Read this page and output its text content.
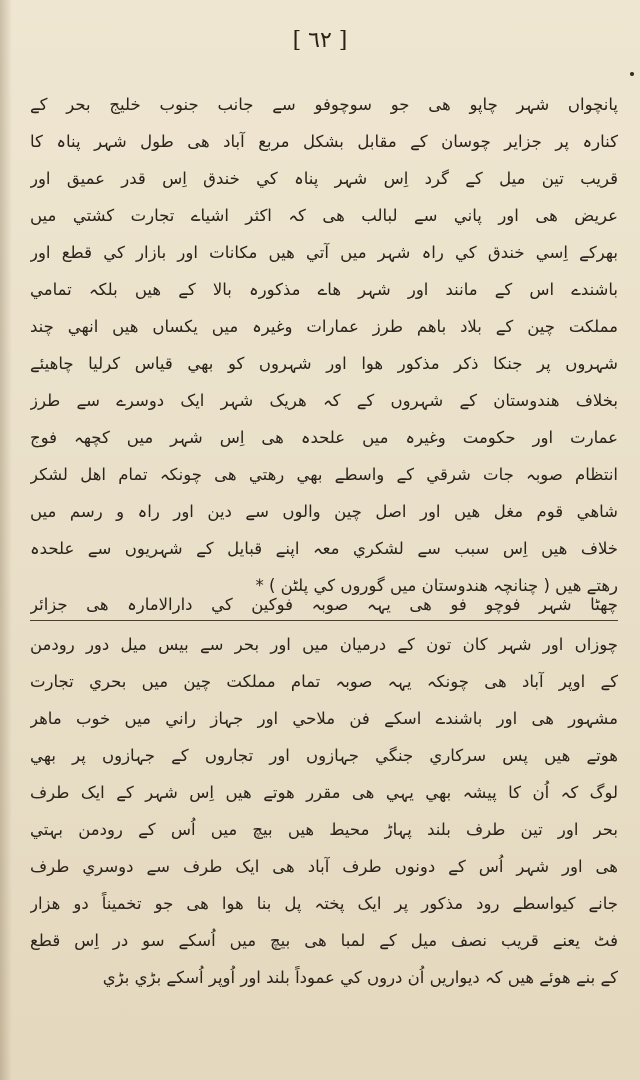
[ ٦٢ ]
پانچواں شہر چاپو ھی جو سوچوفو سے جانب جنوب خلیج بحر کے
کنارہ پر جزایر چوسان کے مقابل بشکل مربع آباد ھی طول شہر پناہ کا
قریب تین میل کے گرد اِس شہر پناہ کي خندق اِس قدر عمیق اور
عریض ھی اور پاني سے لبالب ھی کہ اکثر اشیاے تجارت کشتي میں
بھرکے اِسي خندق کي راہ شہر میں آتي ھیں مکانات اور بازار کي قطع اور
باشندے اس کے مانند اور شہر ھاے مذکورہ بالا کے ھیں بلکہ تمامي
مملکت چین کے بلاد باھم طرز عمارات وغیرہ میں یکساں ھیں انھي چند
شہروں پر جنکا ذکر مذکور ھوا اور شہروں کو بھي قیاس کرلیا چاھیئے
بخلاف ھندوستان کے شہروں کے کہ ھریک شہر ایک دوسرے سے طرز
عمارت اور حکومت وغیرہ میں علحدہ ھی اِس شہر میں کچھہ فوج
انتظام صوبہ جات شرقي کے واسطے بھي رھتي ھی چونکہ تمام اھل لشکر
شاھي قوم مغل ھیں اور اصل چین والوں سے دین اور راہ و رسم میں
خلاف ھیں اِس سبب سے لشکري معہ اپنے قبایل کے شہریوں سے علحدہ
رھتے ھیں ( چنانچہ ھندوستان میں گوروں کي پلٹن ) *
چھٹا شہر فوچو فو ھی یہہ صوبہ فوکین کي دارالامارہ ھی جزائر
چوزاں اور شہر کان تون کے درمیان میں اور بحر سے بیس میل دور رودمن
کے اوپر آباد ھی چونکہ یہہ صوبہ تمام مملکت چین میں بحري تجارت
مشہور ھی اور باشندے اسکے فن ملاحي اور جہاز راني میں خوب ماھر
ھوتے ھیں پس سرکاري جنگي جہازوں اور تجاروں کے جہازوں پر بھي
لوگ کہ اُن کا پیشہ بھي یہي ھی مقرر ھوتے ھیں اِس شہر کے ایک طرف
بحر اور تین طرف بلند پہاڑ محیط ھیں بیچ میں اُس کے رودمن بہتي
ھی اور شہر اُس کے دونوں طرف آباد ھی ایک طرف سے دوسري طرف
جانے کیواسطے رود مذکور پر ایک پختہ پل بنا ھوا ھی جو تخمیناً دو ھزار
فٹ یعنے قریب نصف میل کے لمبا ھی بیچ میں اُسکے سو در اِس قطع
کے بنے ھوئے ھیں کہ دیواریں اُن دروں کي عموداً بلند اور اُوپر اُسکے بڑي بڑي
